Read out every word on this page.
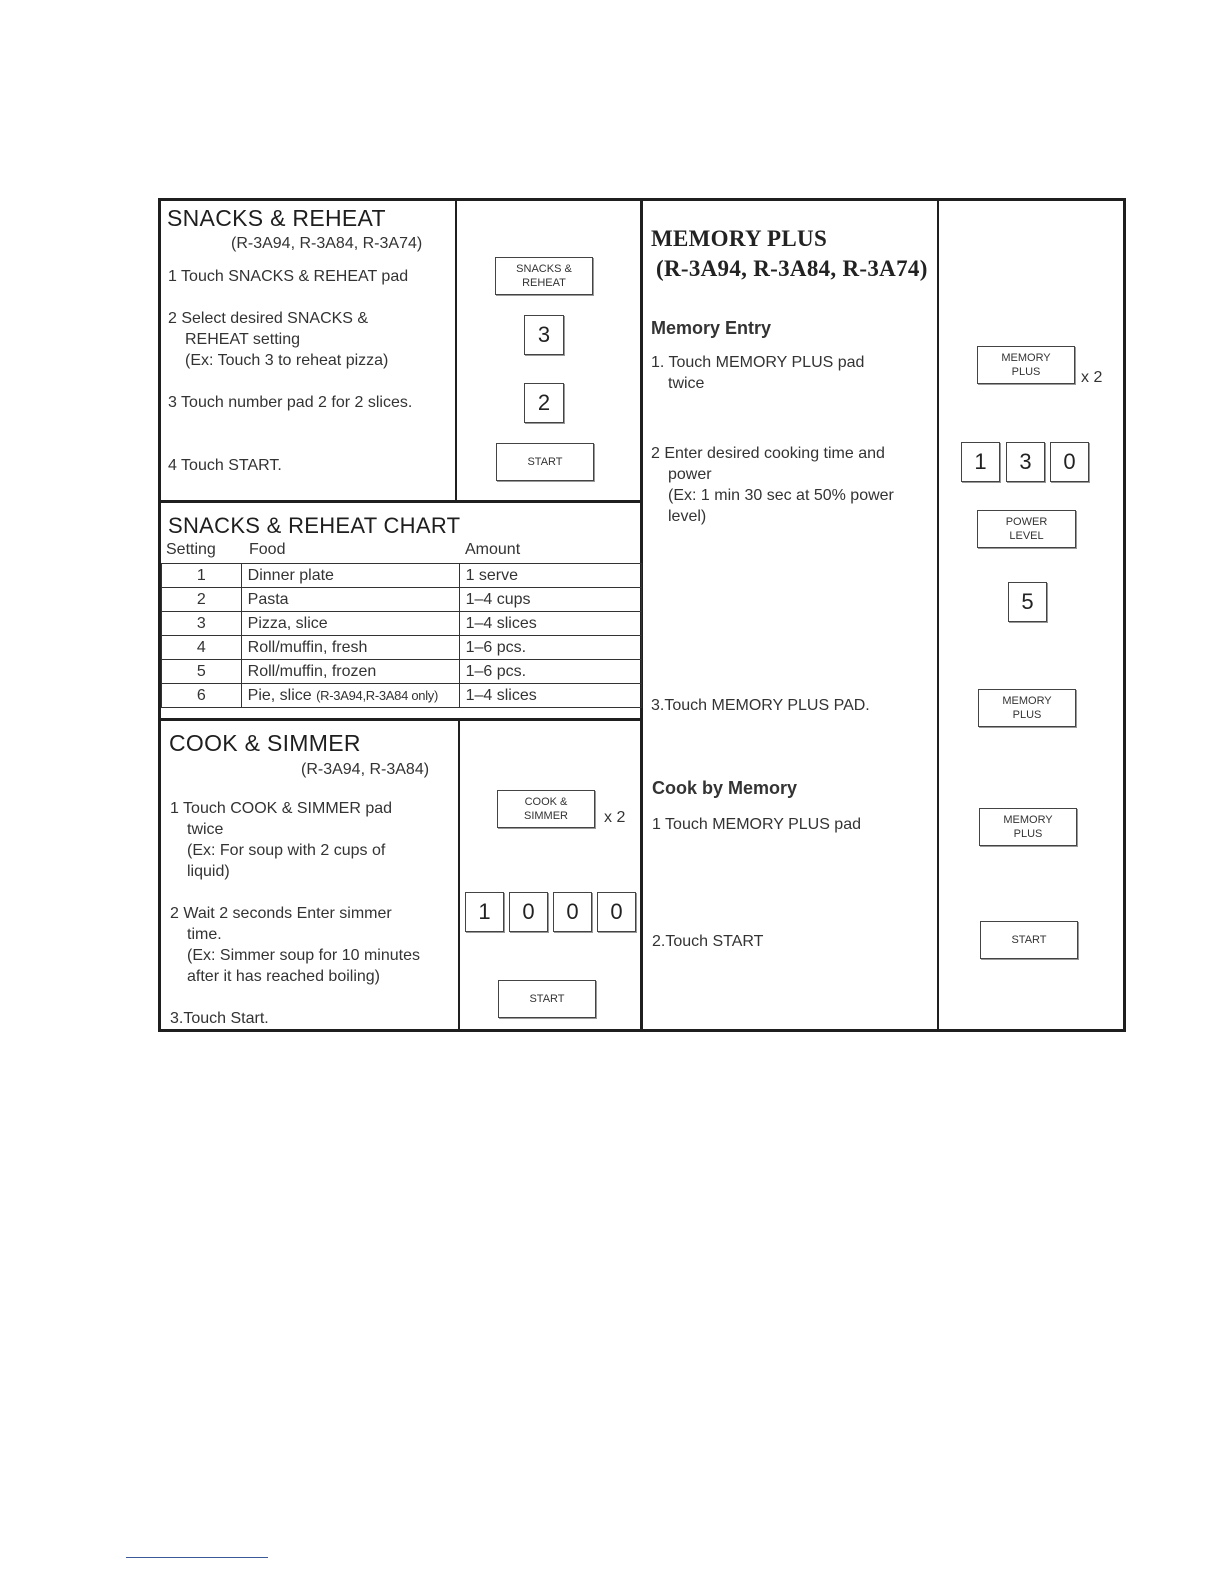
SNACKS & REHEAT
(R-3A94, R-3A84, R-3A74)
1 Touch SNACKS & REHEAT pad

2 Select desired SNACKS &

REHEAT setting

(Ex: Touch 3 to reheat pizza)

3 Touch number pad 2 for 2 slices.
4 Touch START.
SNACKS &
REHEAT
3
2
START
SNACKS & REHEAT CHART
Setting Food	Amount
1	Dinner plate	1 serve
2	Pasta	1–4 cups
3	Pizza, slice	1–4 slices
4	Roll/muffin, fresh	1–6 pcs.
5	Roll/muffin, frozen	1–6 pcs.
6	Pie, slice (R-3A94,R-3A84 only)	1–4 slices
COOK & SIMMER
(R-3A94, R-3A84)

1 Touch COOK & SIMMER pad

twice

(Ex: For soup with 2 cups of

liquid)

2 Wait 2 seconds Enter simmer

time.

(Ex: Simmer soup for 10 minutes

after it has reached boiling)

3.Touch Start.
COOK &
SIMMER x 2
1	0	0	0
START
MEMORY PLUS
(R-3A94, R-3A84, R-3A74)
Memory Entry

1. Touch MEMORY PLUS pad

twice

2 Enter desired cooking time and

power

(Ex: 1 min 30 sec at 50% power

level)

3.Touch MEMORY PLUS PAD.
Cook by Memory
1 Touch MEMORY PLUS pad
2.Touch START
MEMORY
PLUS	x 2
1	3	0
POWER
LEVEL
5
MEMORY
PLUS
MEMORY
PLUS
START
